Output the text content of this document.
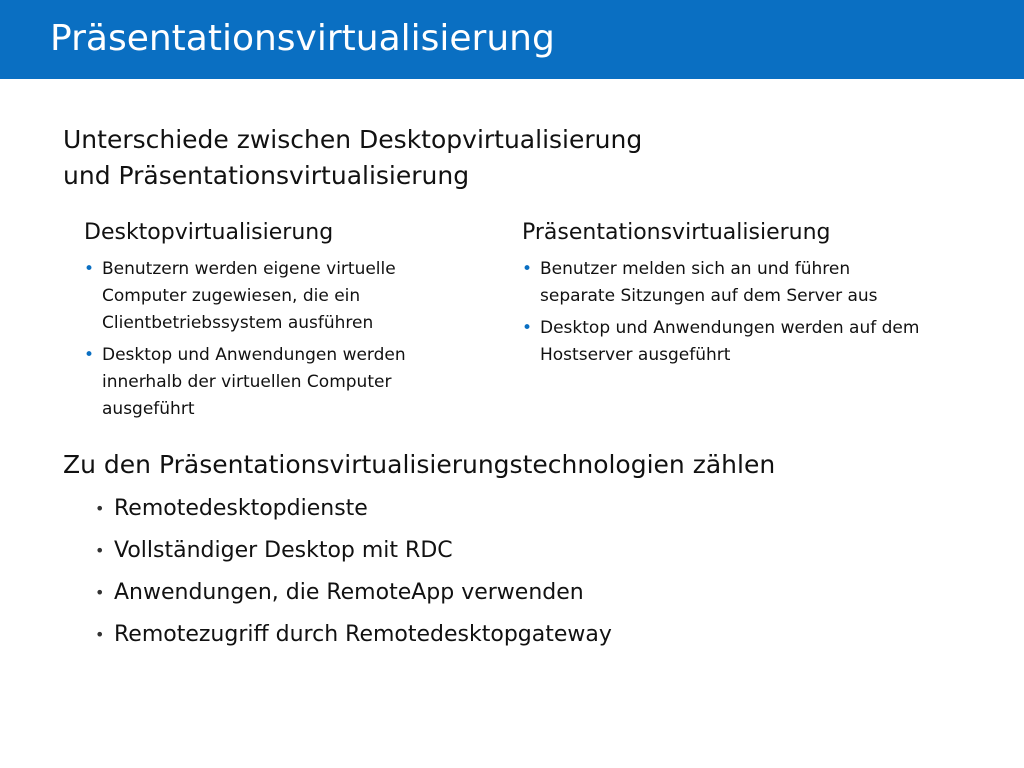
Präsentationsvirtualisierung
Unterschiede zwischen Desktopvirtualisierung
und Präsentationsvirtualisierung
Desktopvirtualisierung
• Benutzern werden eigene virtuelle Computer zugewiesen, die ein Clientbetriebssystem ausführen
• Desktop und Anwendungen werden innerhalb der virtuellen Computer ausgeführt
Präsentationsvirtualisierung
• Benutzer melden sich an und führen separate Sitzungen auf dem Server aus
• Desktop und Anwendungen werden auf dem Hostserver ausgeführt
Zu den Präsentationsvirtualisierungstechnologien zählen
• Remotedesktopdienste
• Vollständiger Desktop mit RDC
• Anwendungen, die RemoteApp verwenden
• Remotezugriff durch Remotedesktopgateway
